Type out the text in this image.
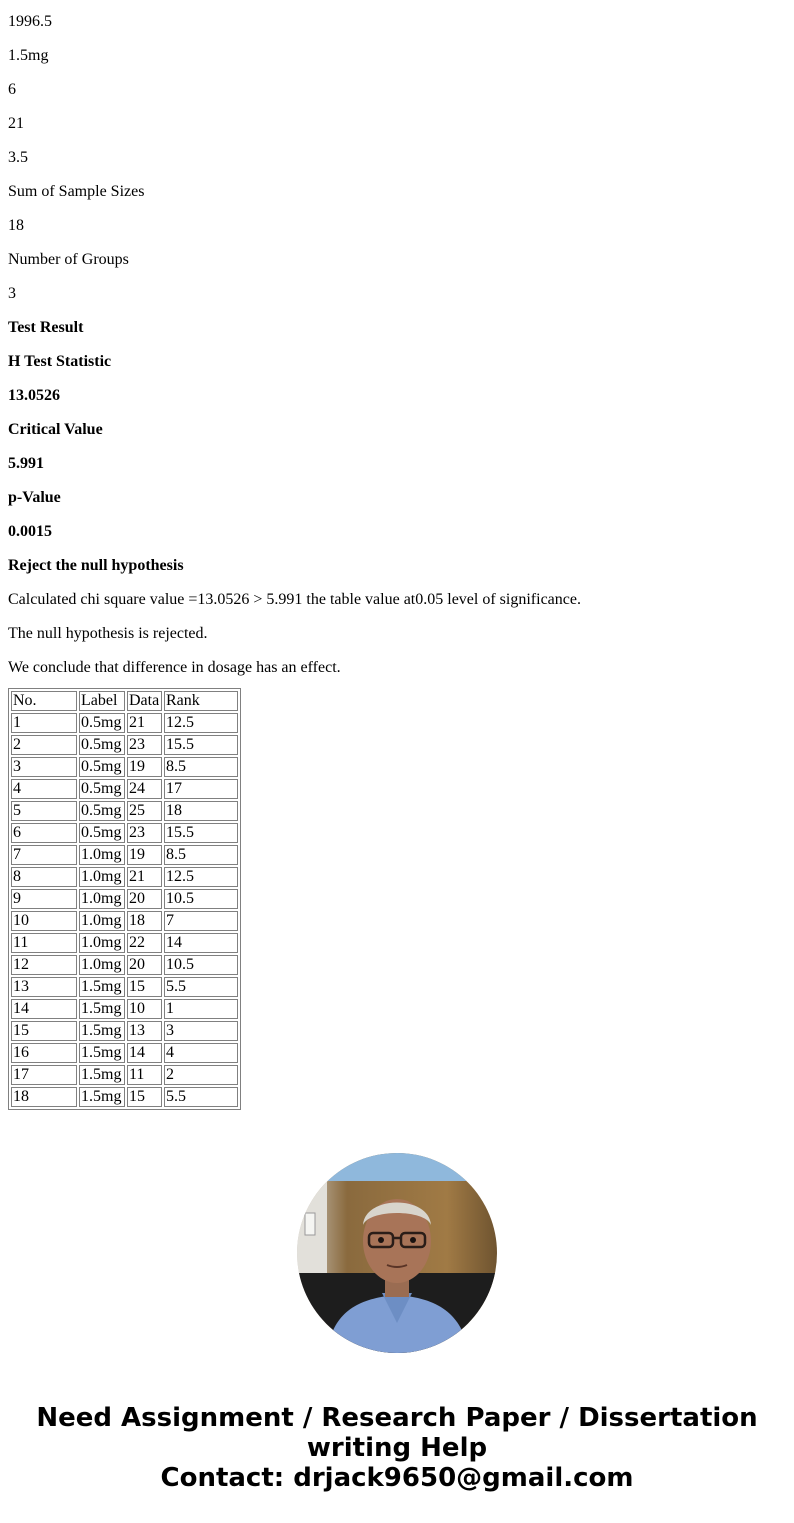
1996.5

1.5mg

6

21

3.5

Sum of Sample Sizes

18

Number of Groups

3

Test Result

H Test Statistic

13.0526

Critical Value

5.991

p-Value

0.0015

Reject the null hypothesis

Calculated chi square value =13.0526 > 5.991 the table value at0.05 level of significance.

The null hypothesis is rejected.

We conclude that difference in dosage has an effect.

No.	Label	Data	Rank
1	0.5mg	21	12.5
2	0.5mg	23	15.5
3	0.5mg	19	8.5
4	0.5mg	24	17
5	0.5mg	25	18
6	0.5mg	23	15.5
7	1.0mg	19	8.5
8	1.0mg	21	12.5
9	1.0mg	20	10.5
10	1.0mg	18	7
11	1.0mg	22	14
12	1.0mg	20	10.5
13	1.5mg	15	5.5
14	1.5mg	10	1
15	1.5mg	13	3
16	1.5mg	14	4
17	1.5mg	11	2
18	1.5mg	15	5.5
Need Assignment / Research Paper / Dissertation
writing Help
Contact: drjack9650@gmail.com
